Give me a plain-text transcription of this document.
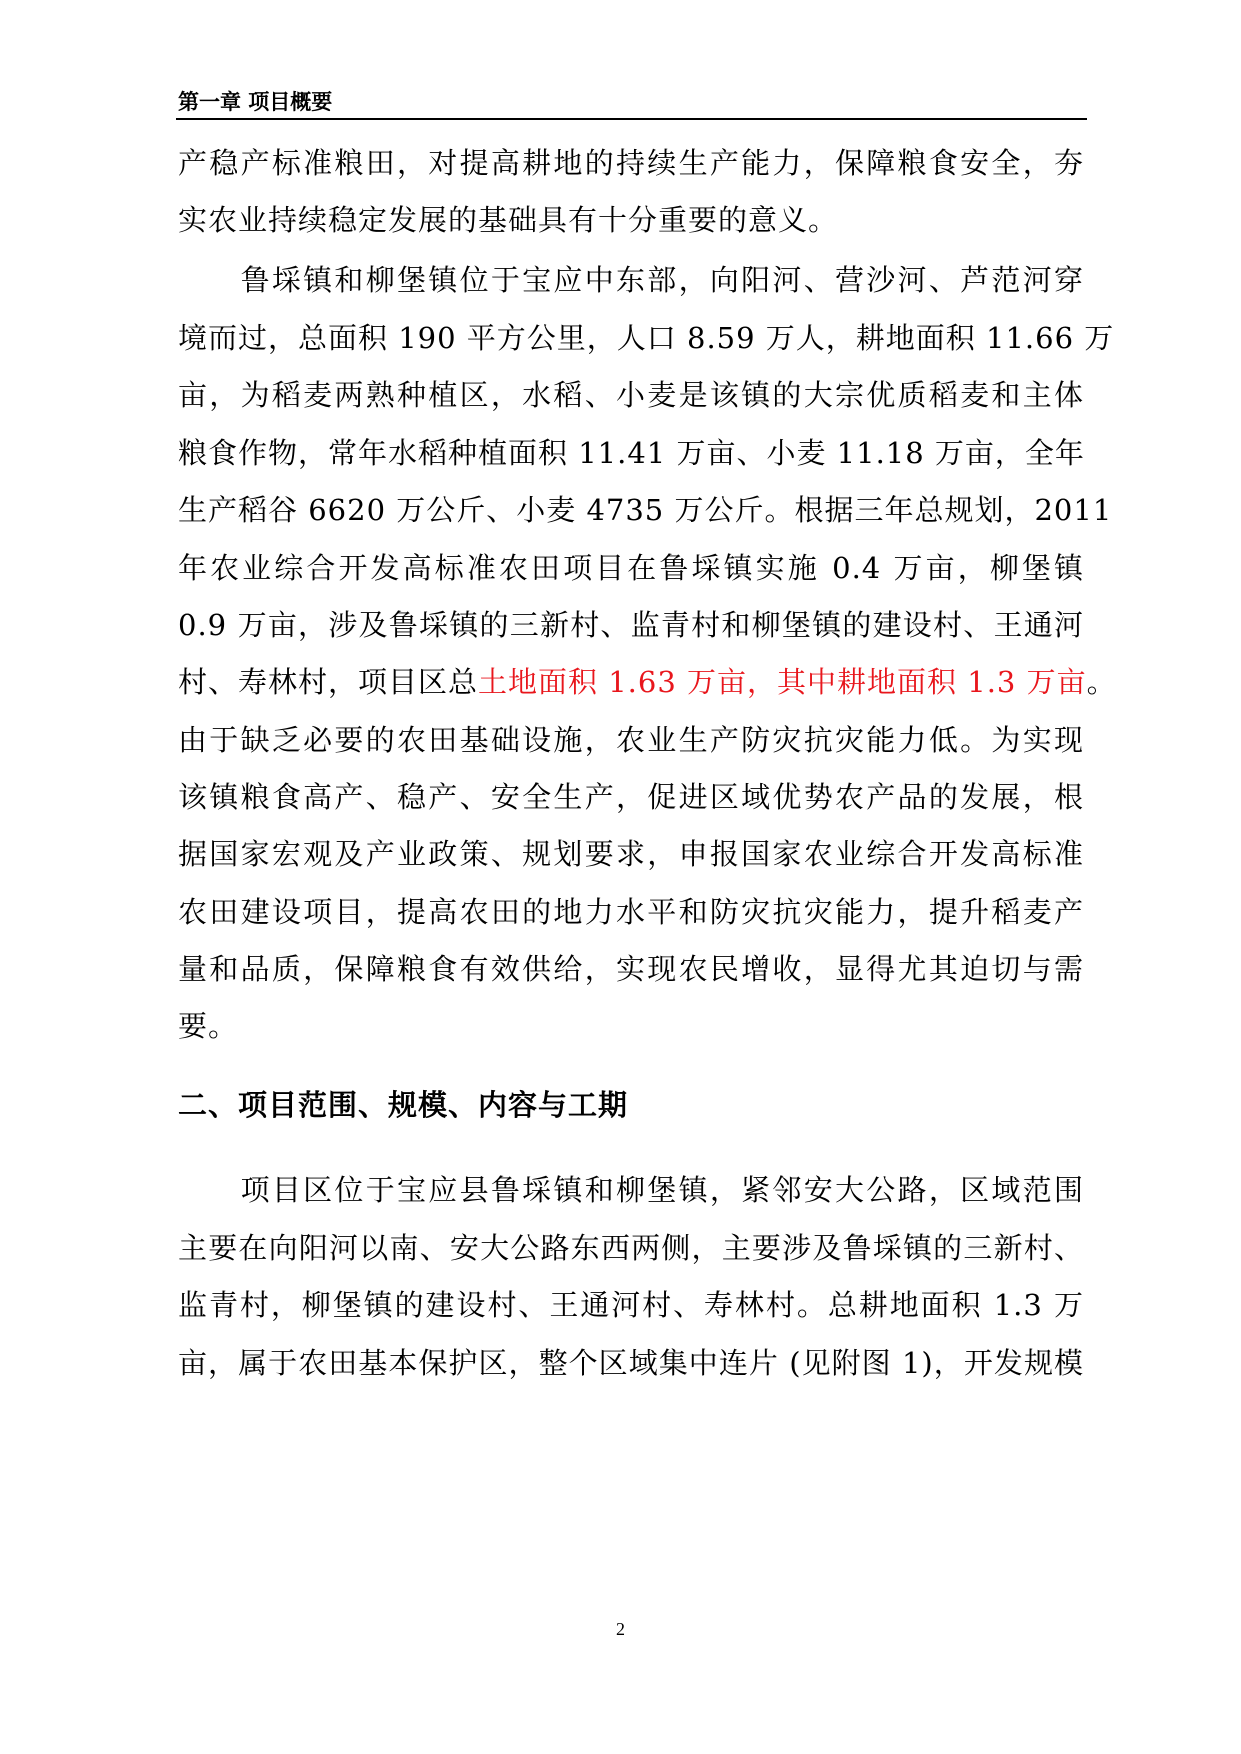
第一章 项目概要
产稳产标准粮田，对提高耕地的持续生产能力，保障粮食安全，夯
实农业持续稳定发展的基础具有十分重要的意义。
　　鲁埰镇和柳堡镇位于宝应中东部，向阳河、营沙河、芦范河穿
境而过，总面积 190 平方公里，人口 8.59 万人，耕地面积 11.66 万
亩，为稻麦两熟种植区，水稻、小麦是该镇的大宗优质稻麦和主体
粮食作物，常年水稻种植面积 11.41 万亩、小麦 11.18 万亩，全年
生产稻谷 6620 万公斤、小麦 4735 万公斤。根据三年总规划，2011
年农业综合开发高标准农田项目在鲁埰镇实施 0.4 万亩，柳堡镇
0.9 万亩，涉及鲁埰镇的三新村、监青村和柳堡镇的建设村、王通河
村、寿林村，项目区总土地面积 1.63 万亩，其中耕地面积 1.3 万亩。
由于缺乏必要的农田基础设施，农业生产防灾抗灾能力低。为实现
该镇粮食高产、稳产、安全生产，促进区域优势农产品的发展，根
据国家宏观及产业政策、规划要求，申报国家农业综合开发高标准
农田建设项目，提高农田的地力水平和防灾抗灾能力，提升稻麦产
量和品质，保障粮食有效供给，实现农民增收，显得尤其迫切与需
要。
二、项目范围、规模、内容与工期
　　项目区位于宝应县鲁埰镇和柳堡镇，紧邻安大公路，区域范围
主要在向阳河以南、安大公路东西两侧，主要涉及鲁埰镇的三新村、
监青村，柳堡镇的建设村、王通河村、寿林村。总耕地面积 1.3 万
亩，属于农田基本保护区，整个区域集中连片 (见附图 1)，开发规模
2
